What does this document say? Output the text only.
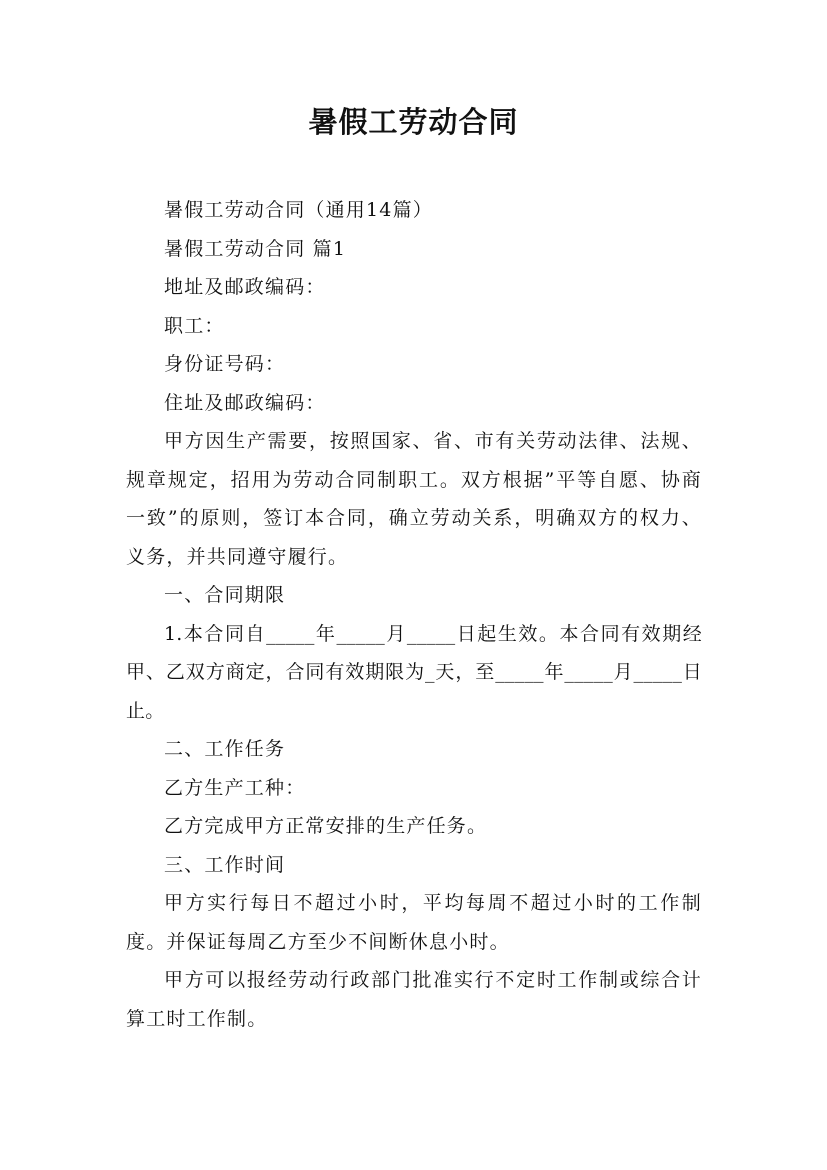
暑假工劳动合同

暑假工劳动合同（通用14篇）

暑假工劳动合同 篇1

地址及邮政编码：

职工：

身份证号码：

住址及邮政编码：

甲方因生产需要，按照国家、省、市有关劳动法律、法规、规章规定，招用为劳动合同制职工。双方根据”平等自愿、协商一致”的原则，签订本合同，确立劳动关系，明确双方的权力、义务，并共同遵守履行。

一、合同期限

1.本合同自_____年_____月_____日起生效。本合同有效期经甲、乙双方商定，合同有效期限为_天，至_____年_____月_____日止。

二、工作任务

乙方生产工种：

乙方完成甲方正常安排的生产任务。

三、工作时间

甲方实行每日不超过小时，平均每周不超过小时的工作制度。并保证每周乙方至少不间断休息小时。

甲方可以报经劳动行政部门批准实行不定时工作制或综合计算工时工作制。
